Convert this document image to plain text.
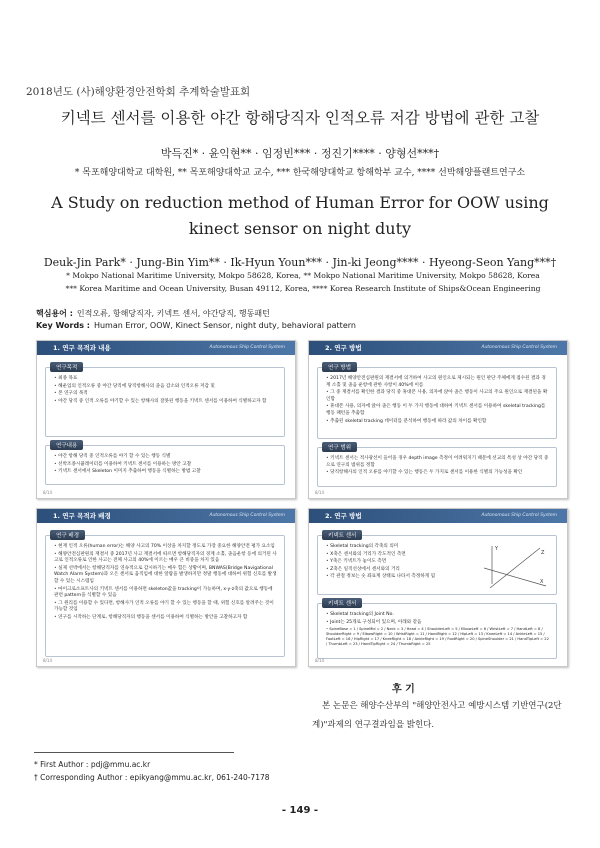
2018년도 (사)해양환경안전학회 추계학술발표회
키넥트 센서를 이용한 야간 항해당직자 인적오류 저감 방법에 관한 고찰
박득진* · 윤익현** · 임정빈*** · 정진기**** · 양형선***†
* 목포해양대학교 대학원, ** 목포해양대학교 교수, *** 한국해양대학교 항해학부 교수, **** 선박해양플랜트연구소
A Study on reduction method of Human Error for OOW using kinect sensor on night duty
Deuk-Jin Park* · Jung-Bin Yim** · Ik-Hyun Youn*** · Jin-ki Jeong**** · Hyeong-Seon Yang***†
* Mokpo National Maritime University, Mokpo 58628, Korea, ** Mokpo National Maritime University, Mokpo 58628, Korea
*** Korea Maritime and Ocean University, Busan 49112, Korea, **** Korea Research Institute of Ships&Ocean Engineering
핵심용어 : 인적오류, 항해당직자, 키넥트 센서, 야간당직, 행동패턴
Key Words : Human Error, OOW, Kinect Sensor, night duty, behavioral pattern
1. 연구 목적과 내용	Autonomous Ship Control System
연구목적
• 최종 목표
• 해운업의 인적오류 중 야간 당직에 당직항해사의 졸음 감소와 인적오류 저감 및
• 본 연구의 목적
• 야간 당직 중 인적 오류를 야기할 수 있는 항해사의 잘못된 행동을 키넥트 센서를 이용하여 식별하고자 함
연구내용
• 야간 항해 당직 중 인적오류를 야기 할 수 있는 행동 식별
• 선박조종시뮬레이터를 이용하여 키넥트 센서를 이용하는 방안 고찰
• 키넥트 센서에서 Skeleton 이미지 추출하여 행동을 식별하는 방법 고찰
8/14
2. 연구 방법	Autonomous Ship Control System
연구 방법
• 2017년 해양안전심판원의 재결서에 의거하여 사고의 원인으로 제시되는 원인 판단 주체에게 접수된 결과 경계 소홀 및 졸음 운항에 관한 사항이 40%에 이름
• 그 중 재결서를 확인한 결과 당직 중 휴대폰 사용, 의자에 앉아 졸은 행동이 사고의 주요 원인으로 재결된을 확인함
• 휴대폰 사용, 의자에 앉아 졸은 행동 이 두 가지 행동에 대하여 키넥트 센서를 이용하여 skeletal tracking를 행동 패턴을 추출함
• 추출된 skeletal tracking 데이터를 분석하여 행동에 따라 값의 차이를 확인함
연구 범위
• 키넥트 센서는 적사광선이 들어올 경우 depth image 측정이 어려워지기 때문에 선교의 특성 상 야간 당직 중으로 연구의 범위를 정함
• 당직항해사의 인적 오류를 야기할 수 있는 행동은 두 가지로 센서를 이용한 식별의 가능성을 확인
8/14
1. 연구 목적과 배경	Autonomous Ship Control System
연구 배경
• 현재 인적 오류(human error)는 해양 사고의 70% 이상을 차지할 정도로 가장 중요한 해양안전 평가 요소임
• 해양안전심판원의 재결서 중 2017년 사고 재결서에 따르면 항해당직자의 경계 소홀, 졸음운항 등에 의거된 사고로 인적오류로 인한 사고는 전체 사고의 40%에 이르는 매우 큰 비중을 차지 있음
• 실제 선박에서는 항해당직자를 연속적으로 감시하기는 매우 힘든 상황이며, BNWAS(Bridge Navigational Watch Alarm System)과 오은 센서로 움직임에 대한 알람을 발생하지만 정말 행동에 대하여 위험 신호를 발생할 수 있는 시스템임
• 마이크로소프트사의 키넥트 센서를 이용하면 skeleton값을 tracking이 가능하며, x·y·z축의 값으로 행동에 관련 pattern을 식별할 수 있음
• 그 원리를 이용할 수 있다면, 항해사가 인적 오류를 야기 할 수 있는 행동을 할 때, 위험 신호를 알려주는 것이 가능할 것임
• 연구를 시작하는 단계로, 항해당직자의 행동을 센서를 이용하여 식별하는 방안을 고찰하고자 함
8/14
2. 연구 방법	Autonomous Ship Control System
키넥트 센서
• Skeletal tracking의 각축의 의미
• X축은 센서와의 거리가 각도적인 측면
• Y축은 키넥트가 놓이도 측면
• Z축은 일직선상에서 센서와의 거리
• 각 관절 정보는 숫 좌표계 상태로 나타서 측정하게 됨
Y
X
Z
키넥트 센서
• Skeletal tracking의 Joint No.
• Joint는 25개로 구성되어 있으며, 아래와 같음
• SpineBase = 1 / SpineMid = 2 / Neck = 3 / Head = 4 / ShoulderLeft = 5 / ElbowLeft = 6 / WristLeft = 7 / HandLeft = 8 / ShoulderRight = 9 / ElbowRight = 10 / WristRight = 11 / HandRight = 12 / HipLeft = 13 / KneeLeft = 14 / AnkleLeft = 15 / FootLeft = 16 / HipRight = 17 / KneeRight = 18 / AnkleRight = 19 / FootRight = 20 / SpineShoulder = 21 / HandTipLeft = 22 / ThumbLeft = 23 / HandTipRight = 24 / ThumbRight = 25
8/14
후 기
본 논문은 해양수산부의 "해양안전사고 예방시스템 기반연구(2단계)"과제의 연구결과임을 밝힌다.
* First Author : pdj@mmu.ac.kr
† Corresponding Author : epikyang@mmu.ac.kr, 061-240-7178
- 149 -
